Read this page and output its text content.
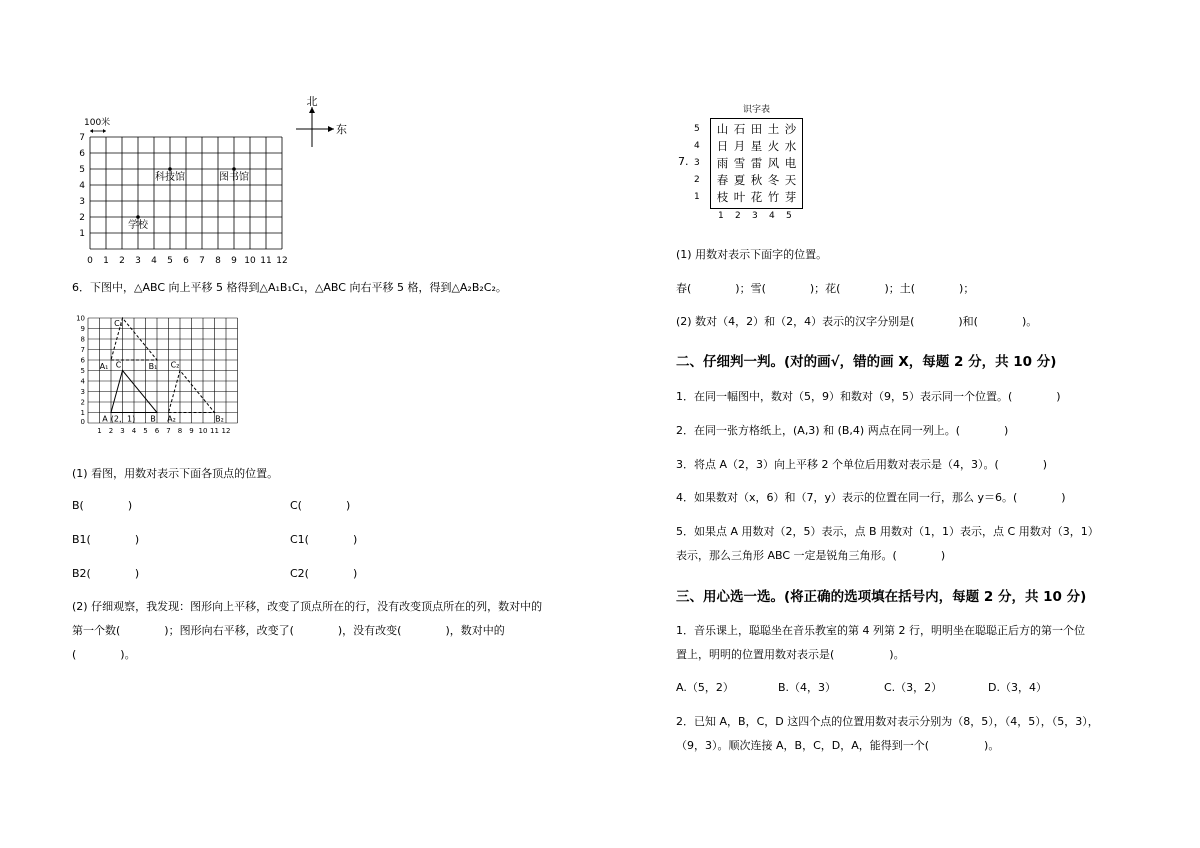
0 1 2 3 4 5 6 7 8 9 10 11 12
1
2
3
4
5
6
7
100米
科技馆	图书馆
学校
北
东
6．下图中，△ABC 向上平移 5 格得到△A₁B₁C₁，△ABC 向右平移 5 格，得到△A₂B₂C₂。
0
1 2 3 4 5 6 7 8 9 10 11 12
1
2
3
4
5
6
7
8
9
10
A (2，1) B
C
A₁	B₁
C₁
A₂	B₂
C₂
(1) 看图，用数对表示下面各顶点的位置。
B(　　　　)	C(　　　　)
B1(　　　　)	C1(　　　　)
B2(　　　　)	C2(　　　　)
(2) 仔细观察，我发现：图形向上平移，改变了顶点所在的行，没有改变顶点所在的列，数对中的
第一个数(　　　　)；图形向右平移，改变了(　　　　)，没有改变(　　　　)，数对中的
(　　　　)。
识字表
7.
5
4
3
2
1
山 石 田 土 沙
日 月 星 火 水
雨 雪 雷 风 电
春 夏 秋 冬 天
枝 叶 花 竹 芽
1 2 3 4 5
(1) 用数对表示下面字的位置。
春(　　　　)；雪(　　　　)；花(　　　　)；土(　　　　)；
(2) 数对（4，2）和（2，4）表示的汉字分别是(　　　　)和(　　　　)。
二、仔细判一判。(对的画√，错的画 X，每题 2 分，共 10 分)
1．在同一幅图中，数对（5，9）和数对（9，5）表示同一个位置。(　　　　)
2．在同一张方格纸上，(A,3) 和 (B,4) 两点在同一列上。(　　　　)
3．将点 A（2，3）向上平移 2 个单位后用数对表示是（4，3）。(　　　　)
4．如果数对（x，6）和（7，y）表示的位置在同一行，那么 y＝6。(　　　　)
5．如果点 A 用数对（2，5）表示，点 B 用数对（1，1）表示，点 C 用数对（3，1）
表示，那么三角形 ABC 一定是锐角三角形。(　　　　)
三、用心选一选。(将正确的选项填在括号内，每题 2 分，共 10 分)
1．音乐课上，聪聪坐在音乐教室的第 4 列第 2 行，明明坐在聪聪正后方的第一个位
置上，明明的位置用数对表示是(　　　　　)。
A.（5，2）	B.（4，3）	C.（3，2）	D.（3，4）
2．已知 A，B，C，D 这四个点的位置用数对表示分别为（8，5），（4，5），（5，3），
（9，3）。顺次连接 A，B，C，D，A，能得到一个(　　　　　)。
